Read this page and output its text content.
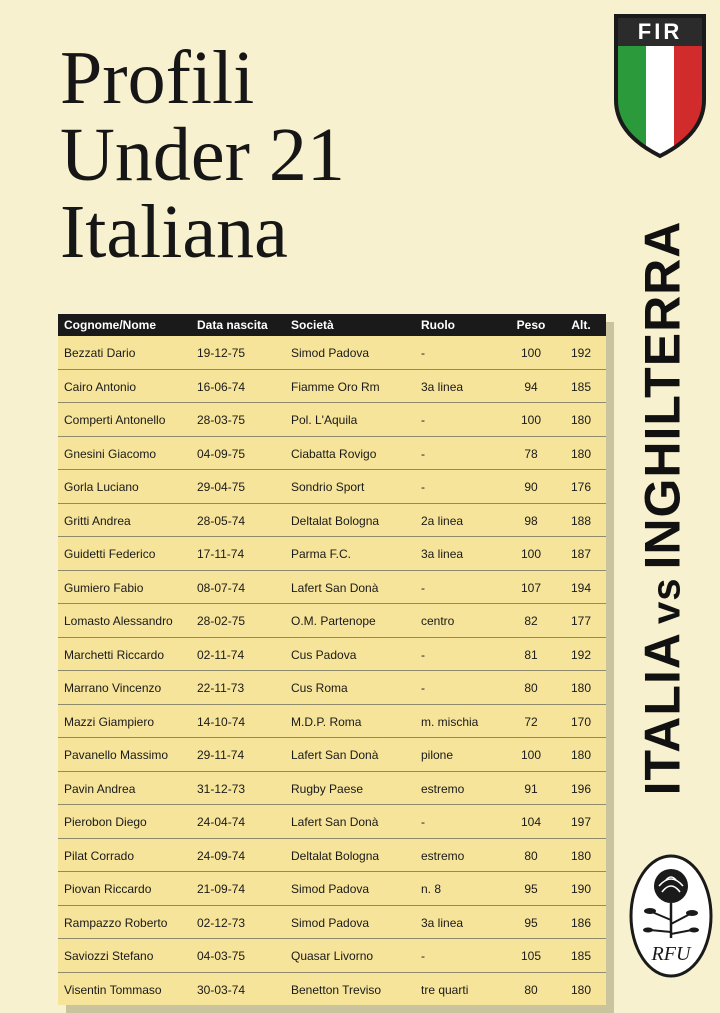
Profili
Under 21
Italiana
FIR
Cognome/Nome	Data nascita	Società	Ruolo	Peso	Alt.
Bezzati Dario	19-12-75	Simod Padova	-	100	192
Cairo Antonio	16-06-74	Fiamme Oro Rm	3a linea	94	185
Comperti Antonello	28-03-75	Pol. L'Aquila	-	100	180
Gnesini Giacomo	04-09-75	Ciabatta Rovigo	-	78	180
Gorla Luciano	29-04-75	Sondrio Sport	-	90	176
Gritti Andrea	28-05-74	Deltalat Bologna	2a linea	98	188
Guidetti Federico	17-11-74	Parma F.C.	3a linea	100	187
Gumiero Fabio	08-07-74	Lafert San Donà	-	107	194
Lomasto Alessandro	28-02-75	O.M. Partenope	centro	82	177
Marchetti Riccardo	02-11-74	Cus Padova	-	81	192
Marrano Vincenzo	22-11-73	Cus Roma	-	80	180
Mazzi Giampiero	14-10-74	M.D.P. Roma	m. mischia	72	170
Pavanello Massimo	29-11-74	Lafert San Donà	pilone	100	180
Pavin Andrea	31-12-73	Rugby Paese	estremo	91	196
Pierobon Diego	24-04-74	Lafert San Donà	-	104	197
Pilat Corrado	24-09-74	Deltalat Bologna	estremo	80	180
Piovan Riccardo	21-09-74	Simod Padova	n. 8	95	190
Rampazzo Roberto	02-12-73	Simod Padova	3a linea	95	186
Saviozzi Stefano	04-03-75	Quasar Livorno	-	105	185
Visentin Tommaso	30-03-74	Benetton Treviso	tre quarti	80	180
ITALIAvsINGHILTERRA
RFU
